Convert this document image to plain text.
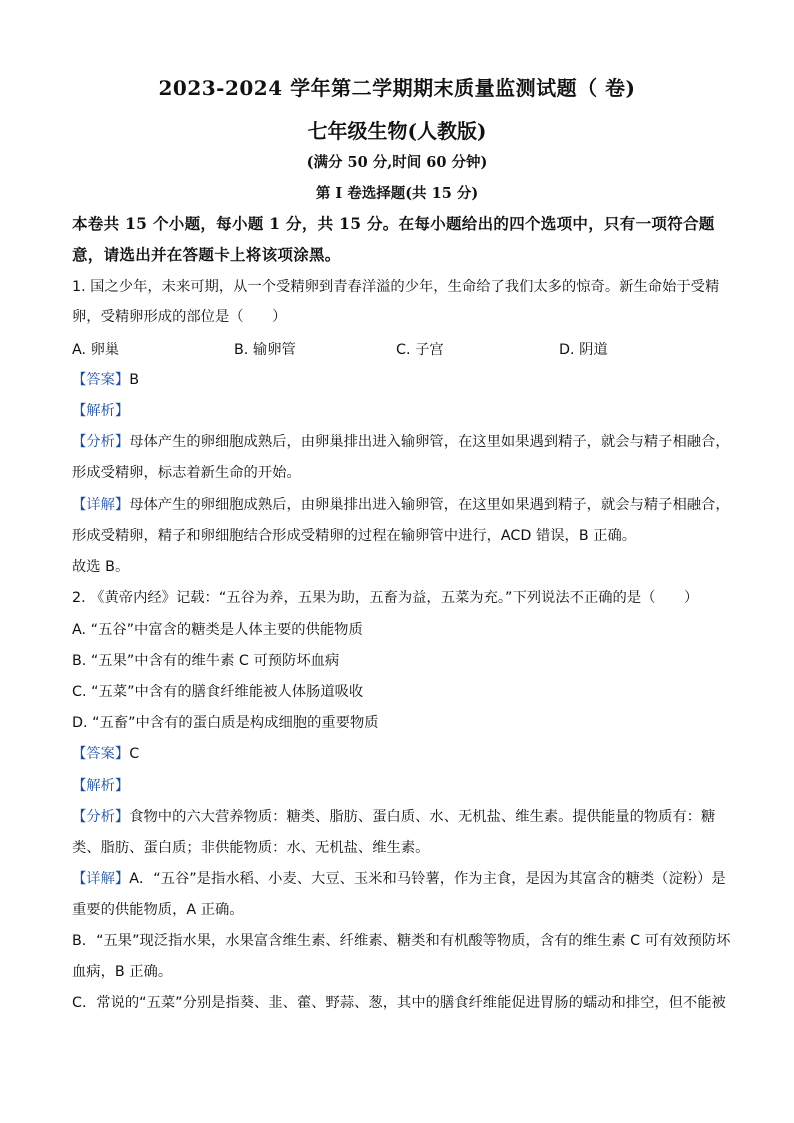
2023-2024 学年第二学期期末质量监测试题（ 卷)
七年级生物(人教版)
(满分 50 分,时间 60 分钟)
第 I 卷选择题(共 15 分)
本卷共 15 个小题，每小题 1 分，共 15 分。在每小题给出的四个选项中，只有一项符合题
意，请选出并在答题卡上将该项涂黑。
1. 国之少年，未来可期，从一个受精卵到青春洋溢的少年，生命给了我们太多的惊奇。新生命始于受精
卵，受精卵形成的部位是（　　）
A. 卵巢	B. 输卵管	C. 子宫	D. 阴道
【答案】B
【解析】
【分析】母体产生的卵细胞成熟后，由卵巢排出进入输卵管，在这里如果遇到精子，就会与精子相融合，
形成受精卵，标志着新生命的开始。
【详解】母体产生的卵细胞成熟后，由卵巢排出进入输卵管，在这里如果遇到精子，就会与精子相融合，
形成受精卵，精子和卵细胞结合形成受精卵的过程在输卵管中进行，ACD 错误，B 正确。
故选 B。
2. 《黄帝内经》记载：“五谷为养，五果为助，五畜为益，五菜为充。”下列说法不正确的是（　　）
A. “五谷”中富含的糖类是人体主要的供能物质
B. “五果”中含有的维牛素 C 可预防坏血病
C. “五菜”中含有的膳食纤维能被人体肠道吸收
D. “五畜”中含有的蛋白质是构成细胞的重要物质
【答案】C
【解析】
【分析】食物中的六大营养物质：糖类、脂肪、蛋白质、水、无机盐、维生素。提供能量的物质有：糖
类、脂肪、蛋白质；非供能物质：水、无机盐、维生素。
【详解】A．“五谷”是指水稻、小麦、大豆、玉米和马铃薯，作为主食，是因为其富含的糖类（淀粉）是
重要的供能物质，A 正确。
B．“五果”现泛指水果，水果富含维生素、纤维素、糖类和有机酸等物质，含有的维生素 C 可有效预防坏
血病，B 正确。
C．常说的“五菜”分别是指葵、韭、藿、野蒜、葱，其中的膳食纤维能促进胃肠的蠕动和排空，但不能被
